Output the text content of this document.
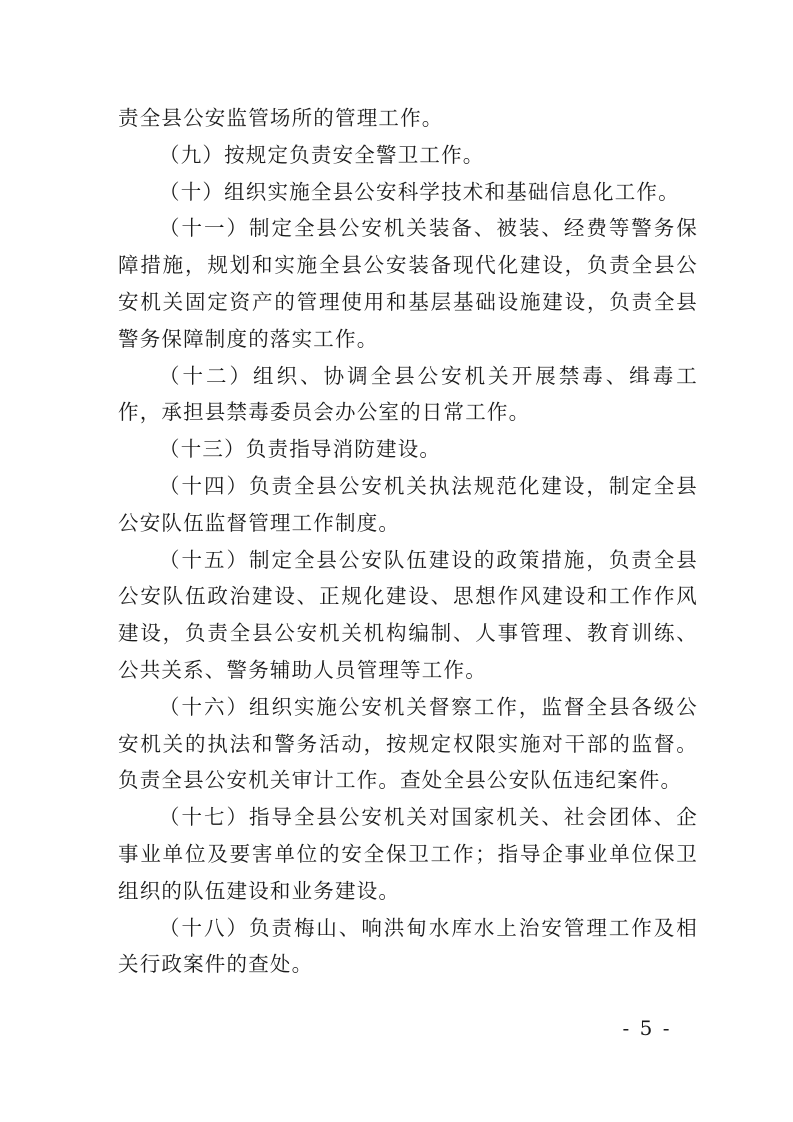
责全县公安监管场所的管理工作。

（九）按规定负责安全警卫工作。

（十）组织实施全县公安科学技术和基础信息化工作。

（十一）制定全县公安机关装备、被装、经费等警务保障措施，规划和实施全县公安装备现代化建设，负责全县公安机关固定资产的管理使用和基层基础设施建设，负责全县警务保障制度的落实工作。

（十二）组织、协调全县公安机关开展禁毒、缉毒工作，承担县禁毒委员会办公室的日常工作。

（十三）负责指导消防建设。

（十四）负责全县公安机关执法规范化建设，制定全县公安队伍监督管理工作制度。

（十五）制定全县公安队伍建设的政策措施，负责全县公安队伍政治建设、正规化建设、思想作风建设和工作作风建设，负责全县公安机关机构编制、人事管理、教育训练、公共关系、警务辅助人员管理等工作。

（十六）组织实施公安机关督察工作，监督全县各级公安机关的执法和警务活动，按规定权限实施对干部的监督。负责全县公安机关审计工作。查处全县公安队伍违纪案件。

（十七）指导全县公安机关对国家机关、社会团体、企事业单位及要害单位的安全保卫工作；指导企事业单位保卫组织的队伍建设和业务建设。

（十八）负责梅山、响洪甸水库水上治安管理工作及相关行政案件的查处。

- 5 -
